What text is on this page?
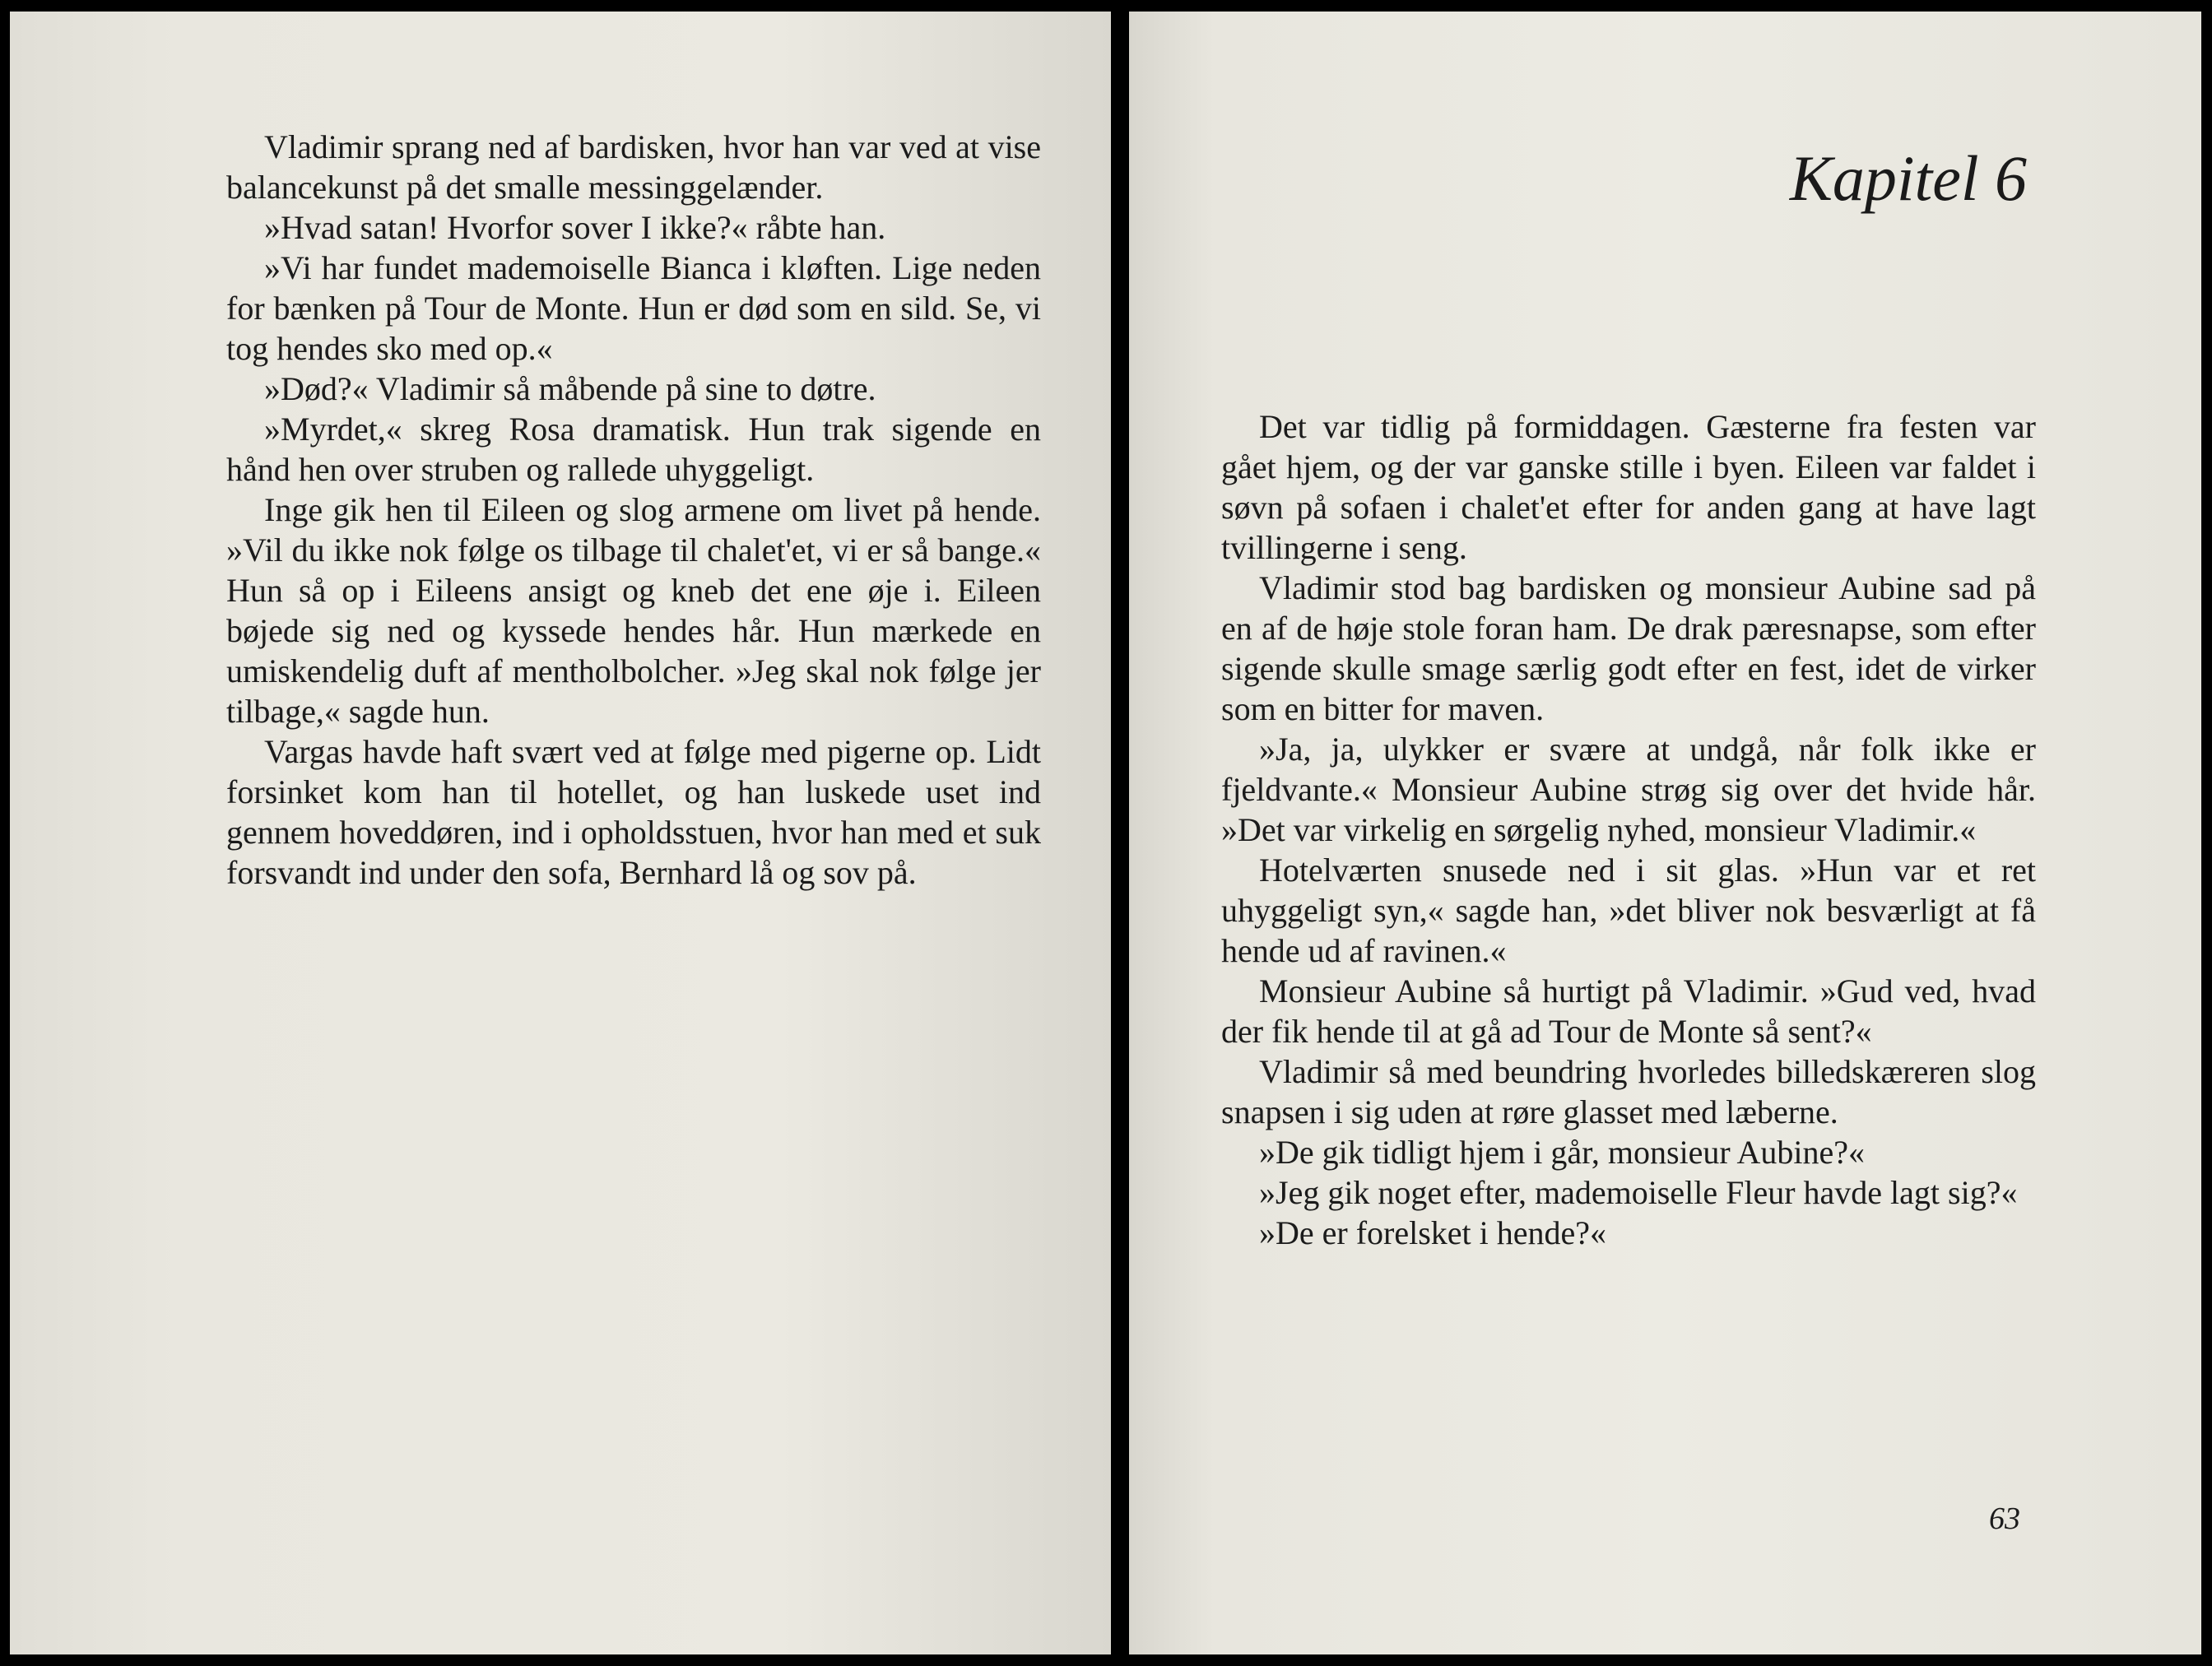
Vladimir sprang ned af bardisken, hvor han var ved at vise balancekunst på det smalle messinggelænder.

»Hvad satan! Hvorfor sover I ikke?« råbte han.

»Vi har fundet mademoiselle Bianca i kløften. Lige neden for bænken på Tour de Monte. Hun er død som en sild. Se, vi tog hendes sko med op.«

»Død?« Vladimir så måbende på sine to døtre.

»Myrdet,« skreg Rosa dramatisk. Hun trak sigende en hånd hen over struben og rallede uhyggeligt.

Inge gik hen til Eileen og slog armene om livet på hende. »Vil du ikke nok følge os tilbage til chalet'et, vi er så bange.« Hun så op i Eileens ansigt og kneb det ene øje i. Eileen bøjede sig ned og kyssede hendes hår. Hun mærkede en umiskendelig duft af mentholbolcher. »Jeg skal nok følge jer tilbage,« sagde hun.

Vargas havde haft svært ved at følge med pigerne op. Lidt forsinket kom han til hotellet, og han luskede uset ind gennem hoveddøren, ind i opholdsstuen, hvor han med et suk forsvandt ind under den sofa, Bernhard lå og sov på.

Kapitel 6

Det var tidlig på formiddagen. Gæsterne fra festen var gået hjem, og der var ganske stille i byen. Eileen var faldet i søvn på sofaen i chalet'et efter for anden gang at have lagt tvillingerne i seng.

Vladimir stod bag bardisken og monsieur Aubine sad på en af de høje stole foran ham. De drak pæresnapse, som efter sigende skulle smage særlig godt efter en fest, idet de virker som en bitter for maven.

»Ja, ja, ulykker er svære at undgå, når folk ikke er fjeldvante.« Monsieur Aubine strøg sig over det hvide hår. »Det var virkelig en sørgelig nyhed, monsieur Vladimir.«

Hotelværten snusede ned i sit glas. »Hun var et ret uhyggeligt syn,« sagde han, »det bliver nok besværligt at få hende ud af ravinen.«

Monsieur Aubine så hurtigt på Vladimir. »Gud ved, hvad der fik hende til at gå ad Tour de Monte så sent?«

Vladimir så med beundring hvorledes billedskæreren slog snapsen i sig uden at røre glasset med læberne.

»De gik tidligt hjem i går, monsieur Aubine?«

»Jeg gik noget efter, mademoiselle Fleur havde lagt sig?«

»De er forelsket i hende?«

63
